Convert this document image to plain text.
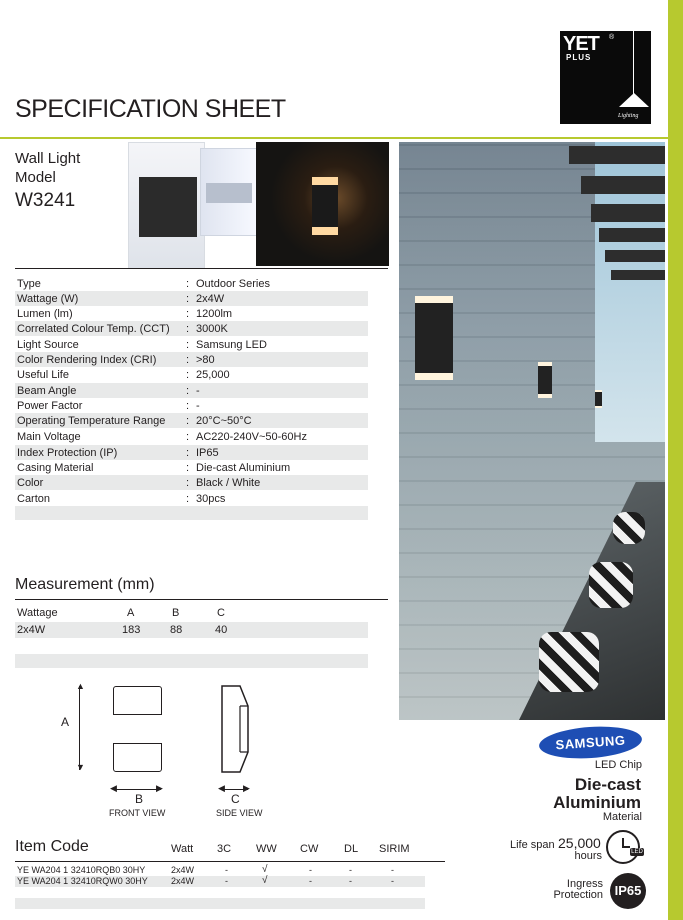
YET ®
PLUS
Lighting
SPECIFICATION SHEET
Wall Light
Model
W3241
Type	: Outdoor Series
Wattage (W)	: 2x4W
Lumen (lm)	: 1200lm
Correlated Colour Temp. (CCT) : 3000K
Light Source	: Samsung LED
Color Rendering Index (CRI)	: >80
Useful Life	: 25,000
Beam Angle	: -
Power Factor	: -
Operating Temperature Range : 20°C~50°C
Main Voltage	: AC220-240V~50-60Hz
Index Protection (IP)	: IP65
Casing Material	: Die-cast Aluminium
Color	: Black / White
Carton	: 30pcs
Measurement (mm)
Wattage	A	B	C
2x4W	183	88	40
▲
▼
A
◀	▶
B
FRONT VIEW
◀ ▶
C
SIDE VIEW
Item Code	Watt 3C WW CW DL SIRIM
YE WA204 1 32410RQB0 30HY	2x4W	-	√	-	-	-
YE WA204 1 32410RQW0 30HY	2x4W	-	√	-	-	-
SAMSUNG
LED Chip
Die-cast
Aluminium
Material
Life span 25,000
hours	LED
Ingress
Protection IP65
